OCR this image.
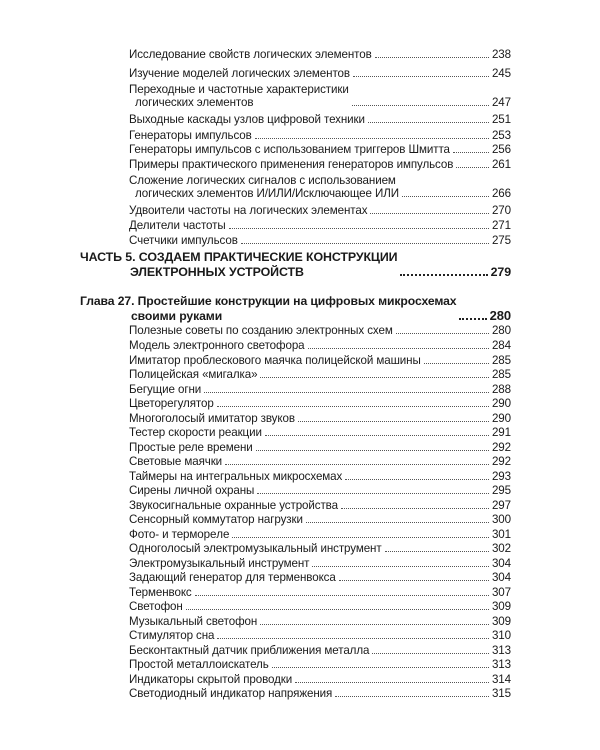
Исследование свойств логических элементов	238
Изучение моделей логических элементов	245
Переходные и частотные характеристики
логических элементов	247
Выходные каскады узлов цифровой техники	251
Генераторы импульсов	253
Генераторы импульсов с использованием триггеров Шмитта	256
Примеры практического применения генераторов импульсов	261
Сложение логических сигналов с использованием
логических элементов И/ИЛИ/Исключающее ИЛИ	266
Удвоители частоты на логических элементах	270
Делители частоты	271
Счетчики импульсов	275
ЧАСТЬ 5. СОЗДАЕМ ПРАКТИЧЕСКИЕ КОНСТРУКЦИИ
ЭЛЕКТРОННЫХ УСТРОЙСТВ	279
Глава 27. Простейшие конструкции на цифровых микросхемах
своими руками	280
Полезные советы по созданию электронных схем	280
Модель электронного светофора	284
Имитатор проблескового маячка полицейской машины	285
Полицейская «мигалка»	285
Бегущие огни	288
Цветорегулятор	290
Многоголосый имитатор звуков	290
Тестер скорости реакции	291
Простые реле времени	292
Световые маячки	292
Таймеры на интегральных микросхемах	293
Сирены личной охраны	295
Звукосигнальные охранные устройства	297
Сенсорный коммутатор нагрузки	300
Фото- и терморeле	301
Одноголосый электромузыкальный инструмент	302
Электромузыкальный инструмент	304
Задающий генератор для терменвокса	304
Терменвокс	307
Светофон	309
Музыкальный светофон	309
Стимулятор сна	310
Бесконтактный датчик приближения металла	313
Простой металлоискатель	313
Индикаторы скрытой проводки	314
Светодиодный индикатор напряжения	315
